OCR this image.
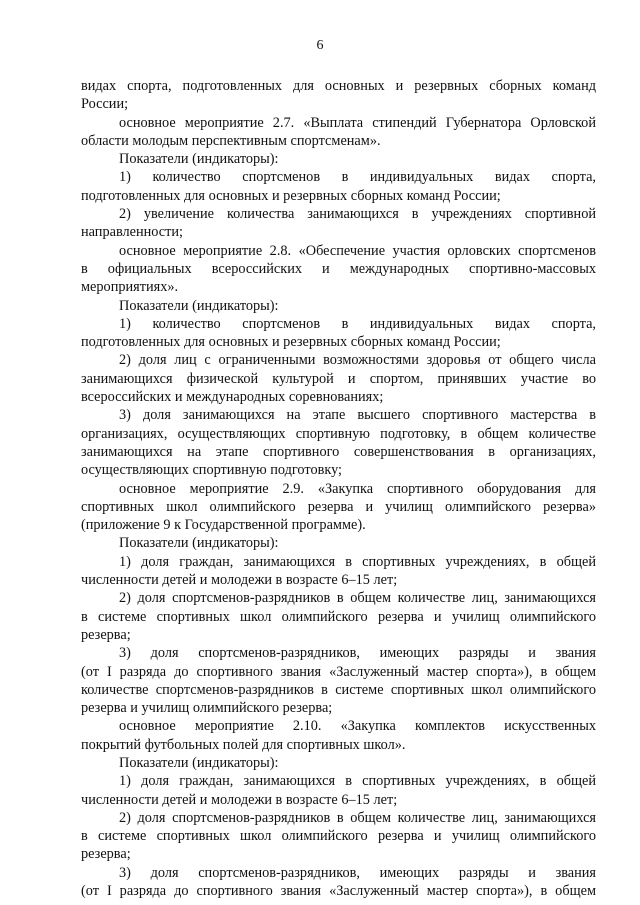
6
видах спорта, подготовленных для основных и резервных сборных команд
России;
основное мероприятие 2.7. «Выплата стипендий Губернатора Орловской
области молодым перспективным спортсменам».
Показатели (индикаторы):
1) количество спортсменов в индивидуальных видах спорта,
подготовленных для основных и резервных сборных команд России;
2) увеличение количества занимающихся в учреждениях спортивной
направленности;
основное мероприятие 2.8. «Обеспечение участия орловских спортсменов
в официальных всероссийских и международных спортивно-массовых
мероприятиях».
Показатели (индикаторы):
1) количество спортсменов в индивидуальных видах спорта,
подготовленных для основных и резервных сборных команд России;
2) доля лиц с ограниченными возможностями здоровья от общего числа
занимающихся физической культурой и спортом, принявших участие во
всероссийских и международных соревнованиях;
3) доля занимающихся на этапе высшего спортивного мастерства в
организациях, осуществляющих спортивную подготовку, в общем количестве
занимающихся на этапе спортивного совершенствования в организациях,
осуществляющих спортивную подготовку;
основное мероприятие 2.9. «Закупка спортивного оборудования для
спортивных школ олимпийского резерва и училищ олимпийского резерва»
(приложение 9 к Государственной программе).
Показатели (индикаторы):
1) доля граждан, занимающихся в спортивных учреждениях, в общей
численности детей и молодежи в возрасте 6–15 лет;
2) доля спортсменов-разрядников в общем количестве лиц, занимающихся
в системе спортивных школ олимпийского резерва и училищ олимпийского
резерва;
3) доля спортсменов-разрядников, имеющих разряды и звания
(от I разряда до спортивного звания «Заслуженный мастер спорта»), в общем
количестве спортсменов-разрядников в системе спортивных школ олимпийского
резерва и училищ олимпийского резерва;
основное мероприятие 2.10. «Закупка комплектов искусственных
покрытий футбольных полей для спортивных школ».
Показатели (индикаторы):
1) доля граждан, занимающихся в спортивных учреждениях, в общей
численности детей и молодежи в возрасте 6–15 лет;
2) доля спортсменов-разрядников в общем количестве лиц, занимающихся
в системе спортивных школ олимпийского резерва и училищ олимпийского
резерва;
3) доля спортсменов-разрядников, имеющих разряды и звания
(от I разряда до спортивного звания «Заслуженный мастер спорта»), в общем
